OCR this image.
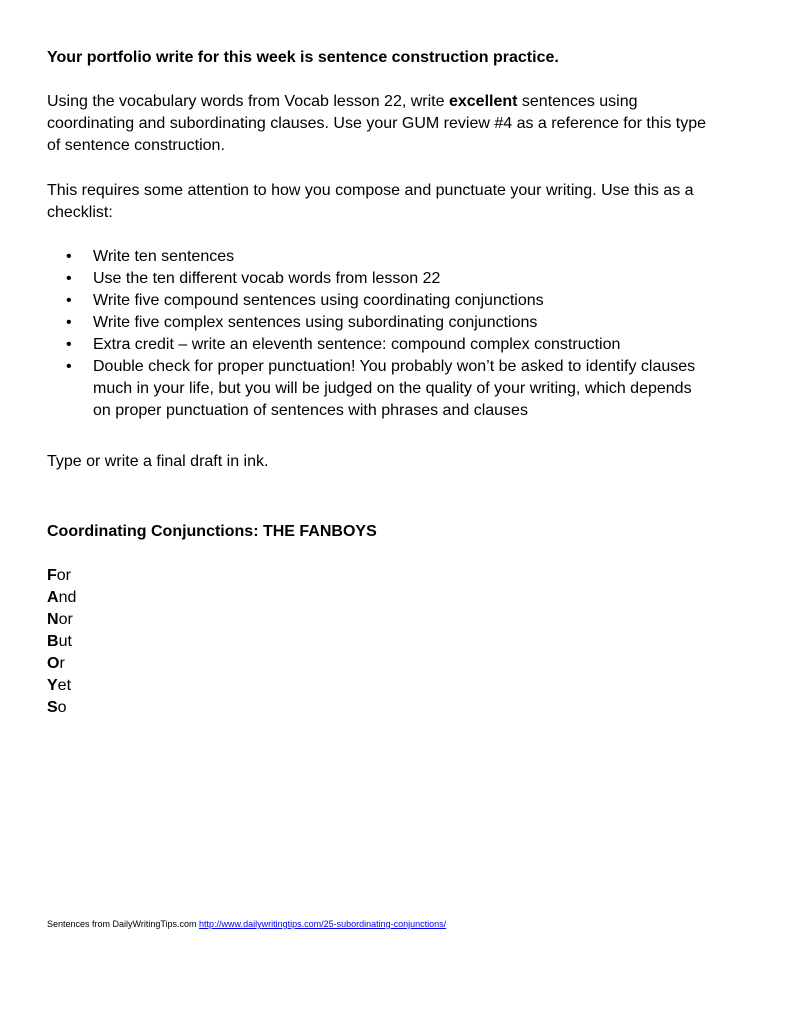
Your portfolio write for this week is sentence construction practice.
Using the vocabulary words from Vocab lesson 22, write excellent sentences using
coordinating and subordinating clauses. Use your GUM review #4 as a reference for this type
of sentence construction.
This requires some attention to how you compose and punctuate your writing. Use this as a
checklist:
•	Write ten sentences
•	Use the ten different vocab words from lesson 22
•	Write five compound sentences using coordinating conjunctions
•	Write five complex sentences using subordinating conjunctions
•	Extra credit – write an eleventh sentence: compound complex construction
•	Double check for proper punctuation! You probably won’t be asked to identify clauses
much in your life, but you will be judged on the quality of your writing, which depends
on proper punctuation of sentences with phrases and clauses
Type or write a final draft in ink.
Coordinating Conjunctions: THE FANBOYS
For
And
Nor
But
Or
Yet
So
Sentences from DailyWritingTips.com http://www.dailywritingtips.com/25-subordinating-conjunctions/
